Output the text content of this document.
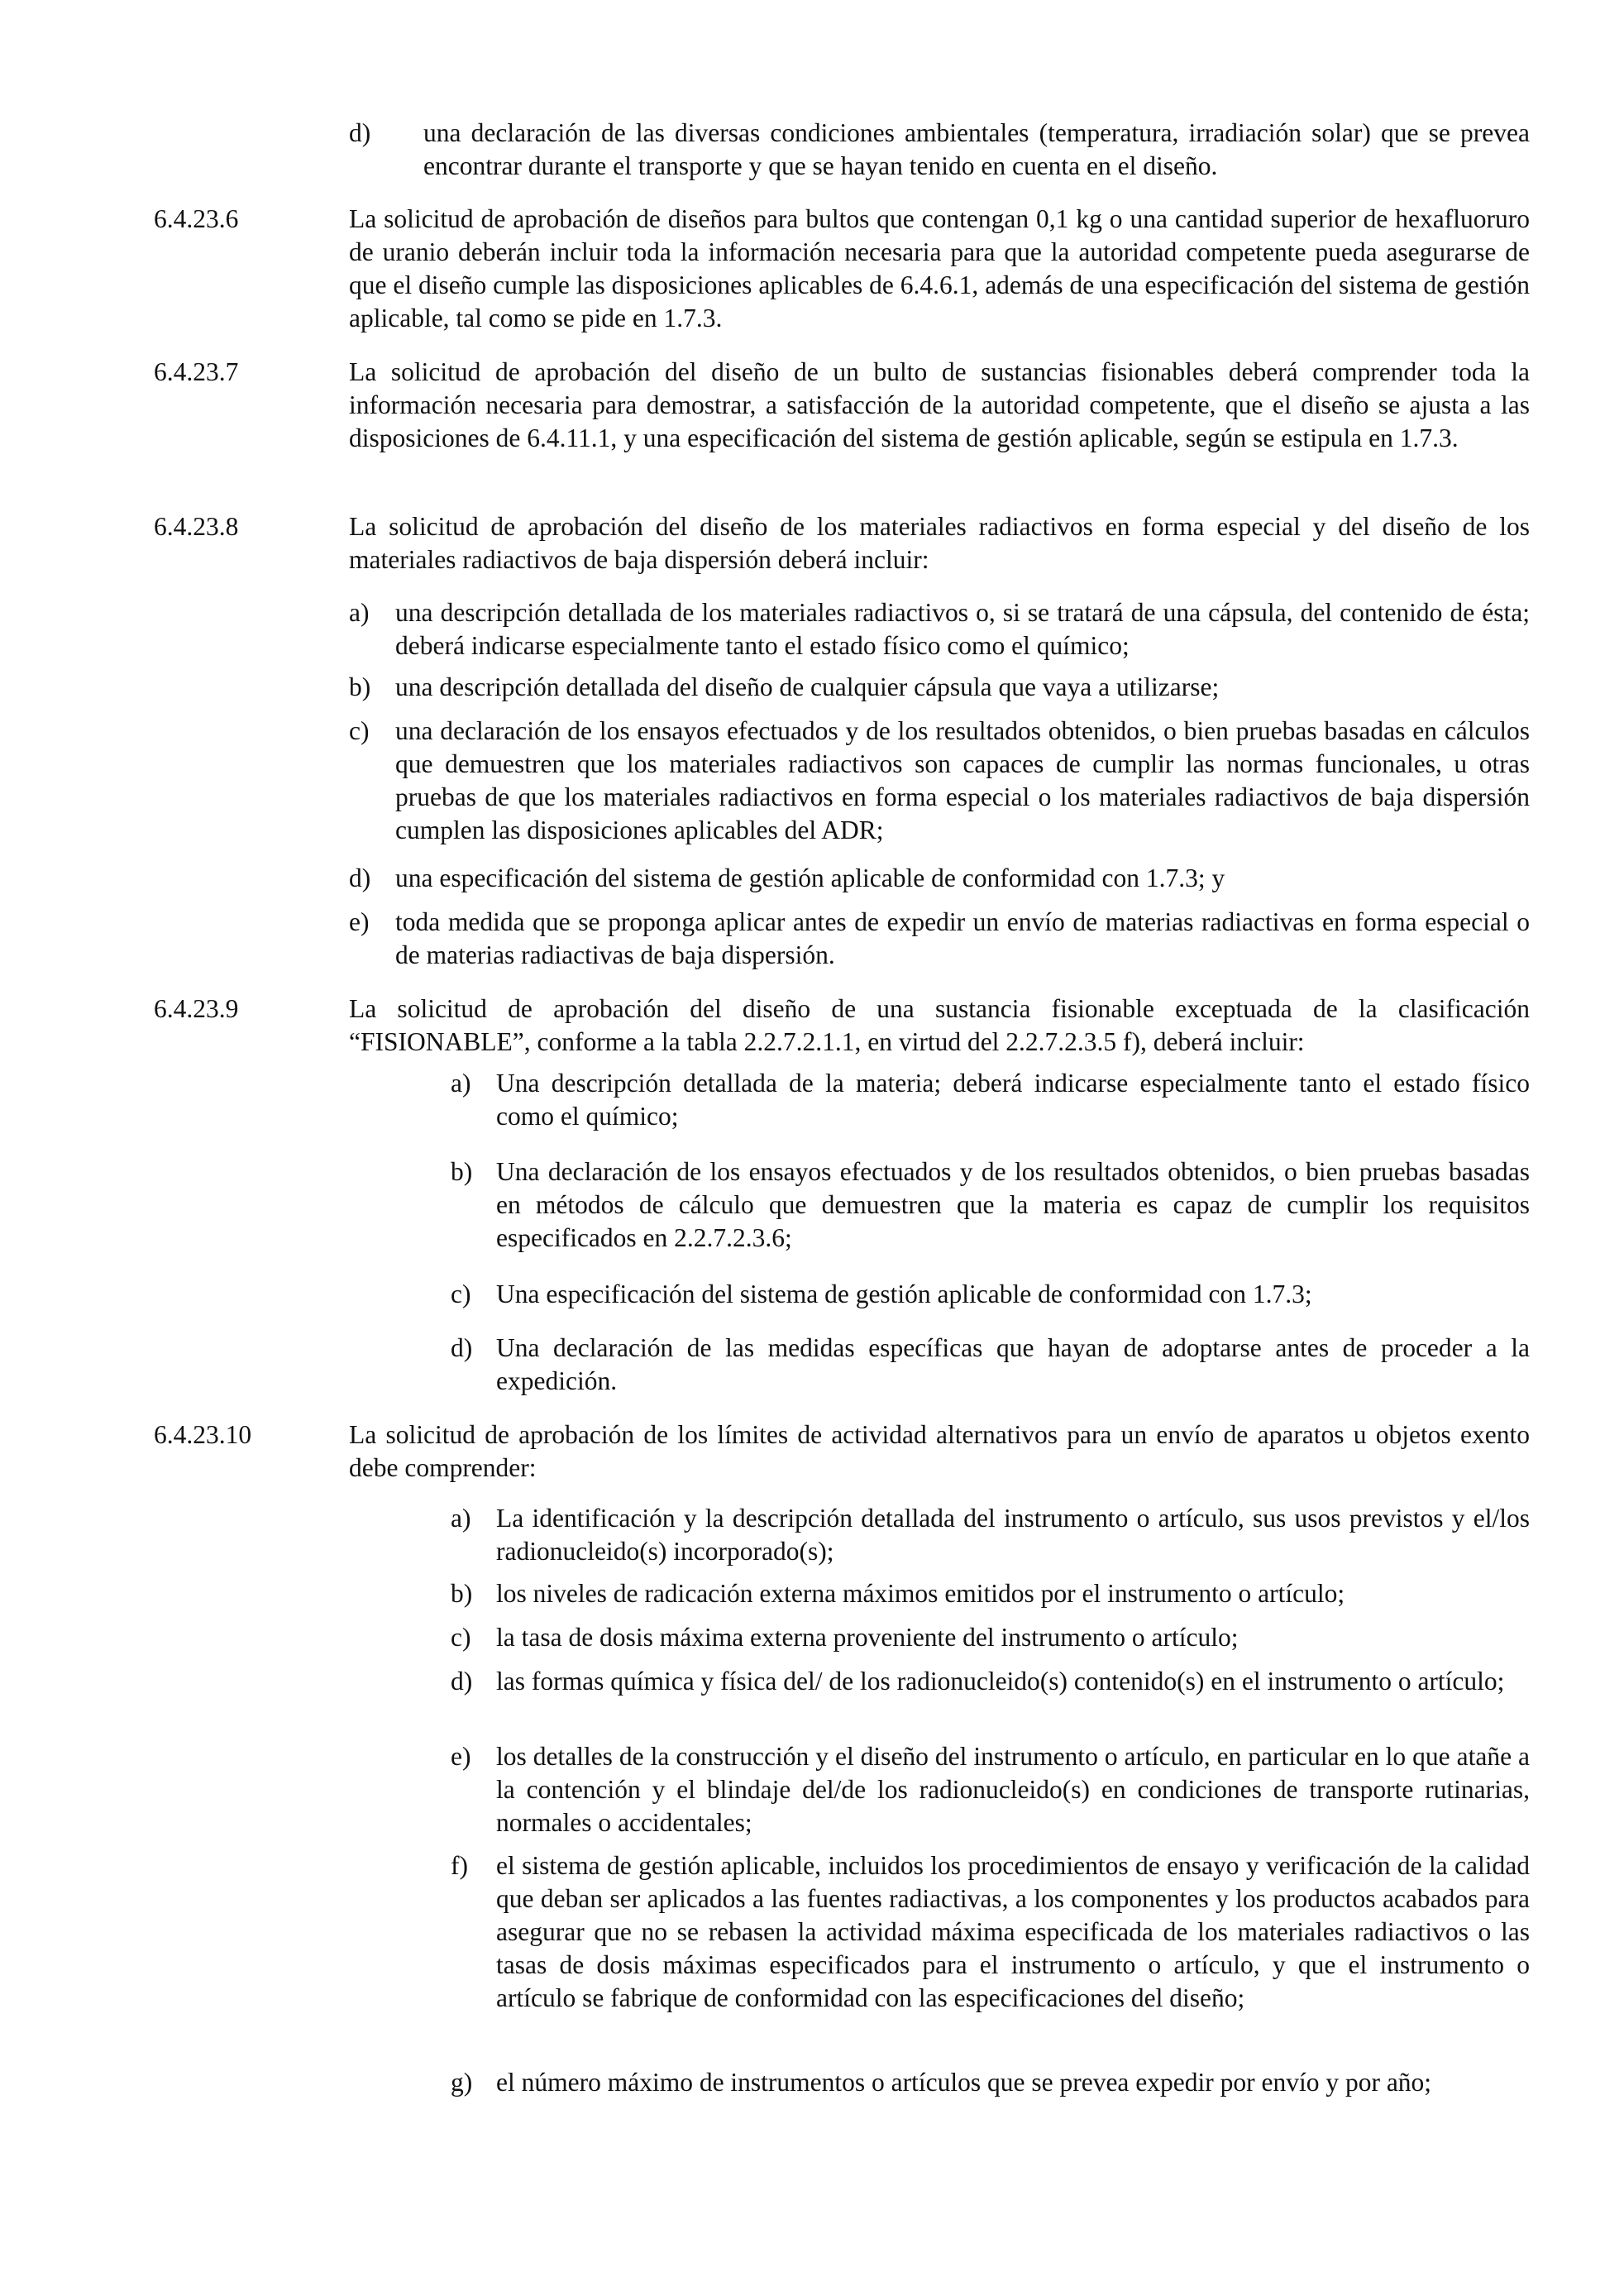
d) una declaración de las diversas condiciones ambientales (temperatura, irradiación solar) que se prevea encontrar durante el transporte y que se hayan tenido en cuenta en el diseño.

6.4.23.6	La solicitud de aprobación de diseños para bultos que contengan 0,1 kg o una cantidad superior de hexafluoruro de uranio deberán incluir toda la información necesaria para que la autoridad competente pueda asegurarse de que el diseño cumple las disposiciones aplicables de 6.4.6.1, además de una especificación del sistema de gestión aplicable, tal como se pide en 1.7.3.

6.4.23.7	La solicitud de aprobación del diseño de un bulto de sustancias fisionables deberá comprender toda la información necesaria para demostrar, a satisfacción de la autoridad competente, que el diseño se ajusta a las disposiciones de 6.4.11.1, y una especificación del sistema de gestión aplicable, según se estipula en 1.7.3.

6.4.23.8	La solicitud de aprobación del diseño de los materiales radiactivos en forma especial y del diseño de los materiales radiactivos de baja dispersión deberá incluir:

a) una descripción detallada de los materiales radiactivos o, si se tratará de una cápsula, del contenido de ésta; deberá indicarse especialmente tanto el estado físico como el químico;

b) una descripción detallada del diseño de cualquier cápsula que vaya a utilizarse;

c) una declaración de los ensayos efectuados y de los resultados obtenidos, o bien pruebas basadas en cálculos que demuestren que los materiales radiactivos son capaces de cumplir las normas funcionales, u otras pruebas de que los materiales radiactivos en forma especial o los materiales radiactivos de baja dispersión cumplen las disposiciones aplicables del ADR;

d) una especificación del sistema de gestión aplicable de conformidad con 1.7.3; y

e) toda medida que se proponga aplicar antes de expedir un envío de materias radiactivas en forma especial o de materias radiactivas de baja dispersión.

6.4.23.9	La solicitud de aprobación del diseño de una sustancia fisionable exceptuada de la clasificación “FISIONABLE”, conforme a la tabla 2.2.7.2.1.1, en virtud del 2.2.7.2.3.5 f), deberá incluir:

a) Una descripción detallada de la materia; deberá indicarse especialmente tanto el estado físico como el químico;

b) Una declaración de los ensayos efectuados y de los resultados obtenidos, o bien pruebas basadas en métodos de cálculo que demuestren que la materia es capaz de cumplir los requisitos especificados en 2.2.7.2.3.6;

c) Una especificación del sistema de gestión aplicable de conformidad con 1.7.3;

d) Una declaración de las medidas específicas que hayan de adoptarse antes de proceder a la expedición.

6.4.23.10	La solicitud de aprobación de los límites de actividad alternativos para un envío de aparatos u objetos exento debe comprender:

a) La identificación y la descripción detallada del instrumento o artículo, sus usos previstos y el/los radionucleido(s) incorporado(s);

b) los niveles de radicación externa máximos emitidos por el instrumento o artículo;

c) la tasa de dosis máxima externa proveniente del instrumento o artículo;

d) las formas química y física del/ de los radionucleido(s) contenido(s) en el instrumento o artículo;

e) los detalles de la construcción y el diseño del instrumento o artículo, en particular en lo que atañe a la contención y el blindaje del/de los radionucleido(s) en condiciones de transporte rutinarias, normales o accidentales;

f) el sistema de gestión aplicable, incluidos los procedimientos de ensayo y verificación de la calidad que deban ser aplicados a las fuentes radiactivas, a los componentes y los productos acabados para asegurar que no se rebasen la actividad máxima especificada de los materiales radiactivos o las tasas de dosis máximas especificados para el instrumento o artículo, y que el instrumento o artículo se fabrique de conformidad con las especificaciones del diseño;

g) el número máximo de instrumentos o artículos que se prevea expedir por envío y por año;
